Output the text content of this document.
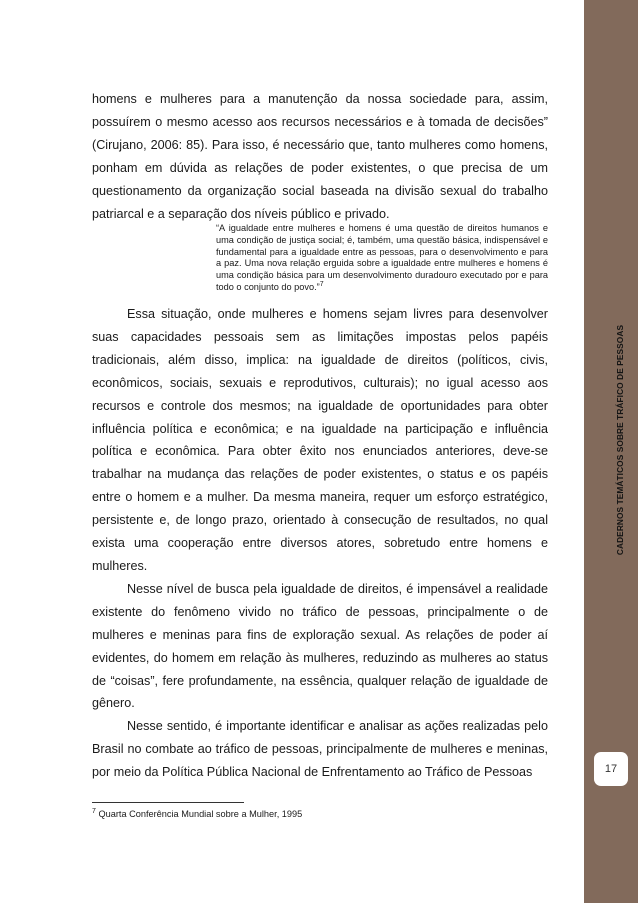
homens e mulheres para a manutenção da nossa sociedade para, assim, possuírem o mesmo acesso aos recursos necessários e à tomada de decisões” (Cirujano, 2006: 85). Para isso, é necessário que, tanto mulheres como homens, ponham em dúvida as relações de poder existentes, o que precisa de um questionamento da organização social baseada na divisão sexual do trabalho patriarcal e a separação dos níveis público e privado.

“A igualdade entre mulheres e homens é uma questão de direitos humanos e uma condição de justiça social; é, também, uma questão básica, indispensável e fundamental para a igualdade entre as pessoas, para o desenvolvimento e para a paz. Uma nova relação erguida sobre a igualdade entre mulheres e homens é uma condição básica para um desenvolvimento duradouro executado por e para todo o conjunto do povo.”$^7$

Essa situação, onde mulheres e homens sejam livres para desenvolver suas capacidades pessoais sem as limitações impostas pelos papéis tradicionais, além disso, implica: na igualdade de direitos (políticos, civis, econômicos, sociais, sexuais e reprodutivos, culturais); no igual acesso aos recursos e controle dos mesmos; na igualdade de oportunidades para obter influência política e econômica; e na igualdade na participação e influência política e econômica. Para obter êxito nos enunciados anteriores, deve-se trabalhar na mudança das relações de poder existentes, o status e os papéis entre o homem e a mulher. Da mesma maneira, requer um esforço estratégico, persistente e, de longo prazo, orientado à consecução de resultados, no qual exista uma cooperação entre diversos atores, sobretudo entre homens e mulheres.

Nesse nível de busca pela igualdade de direitos, é impensável a realidade existente do fenômeno vivido no tráfico de pessoas, principalmente o de mulheres e meninas para fins de exploração sexual. As relações de poder aí evidentes, do homem em relação às mulheres, reduzindo as mulheres ao status de “coisas”, fere profundamente, na essência, qualquer relação de igualdade de gênero.

Nesse sentido, é importante identificar e analisar as ações realizadas pelo Brasil no combate ao tráfico de pessoas, principalmente de mulheres e meninas, por meio da Política Pública Nacional de Enfrentamento ao Tráfico de Pessoas

$^7$ Quarta Conferência Mundial sobre a Mulher, 1995
CADERNOS TEMÁTICOS SOBRE TRÁFICO DE PESSOAS
17
